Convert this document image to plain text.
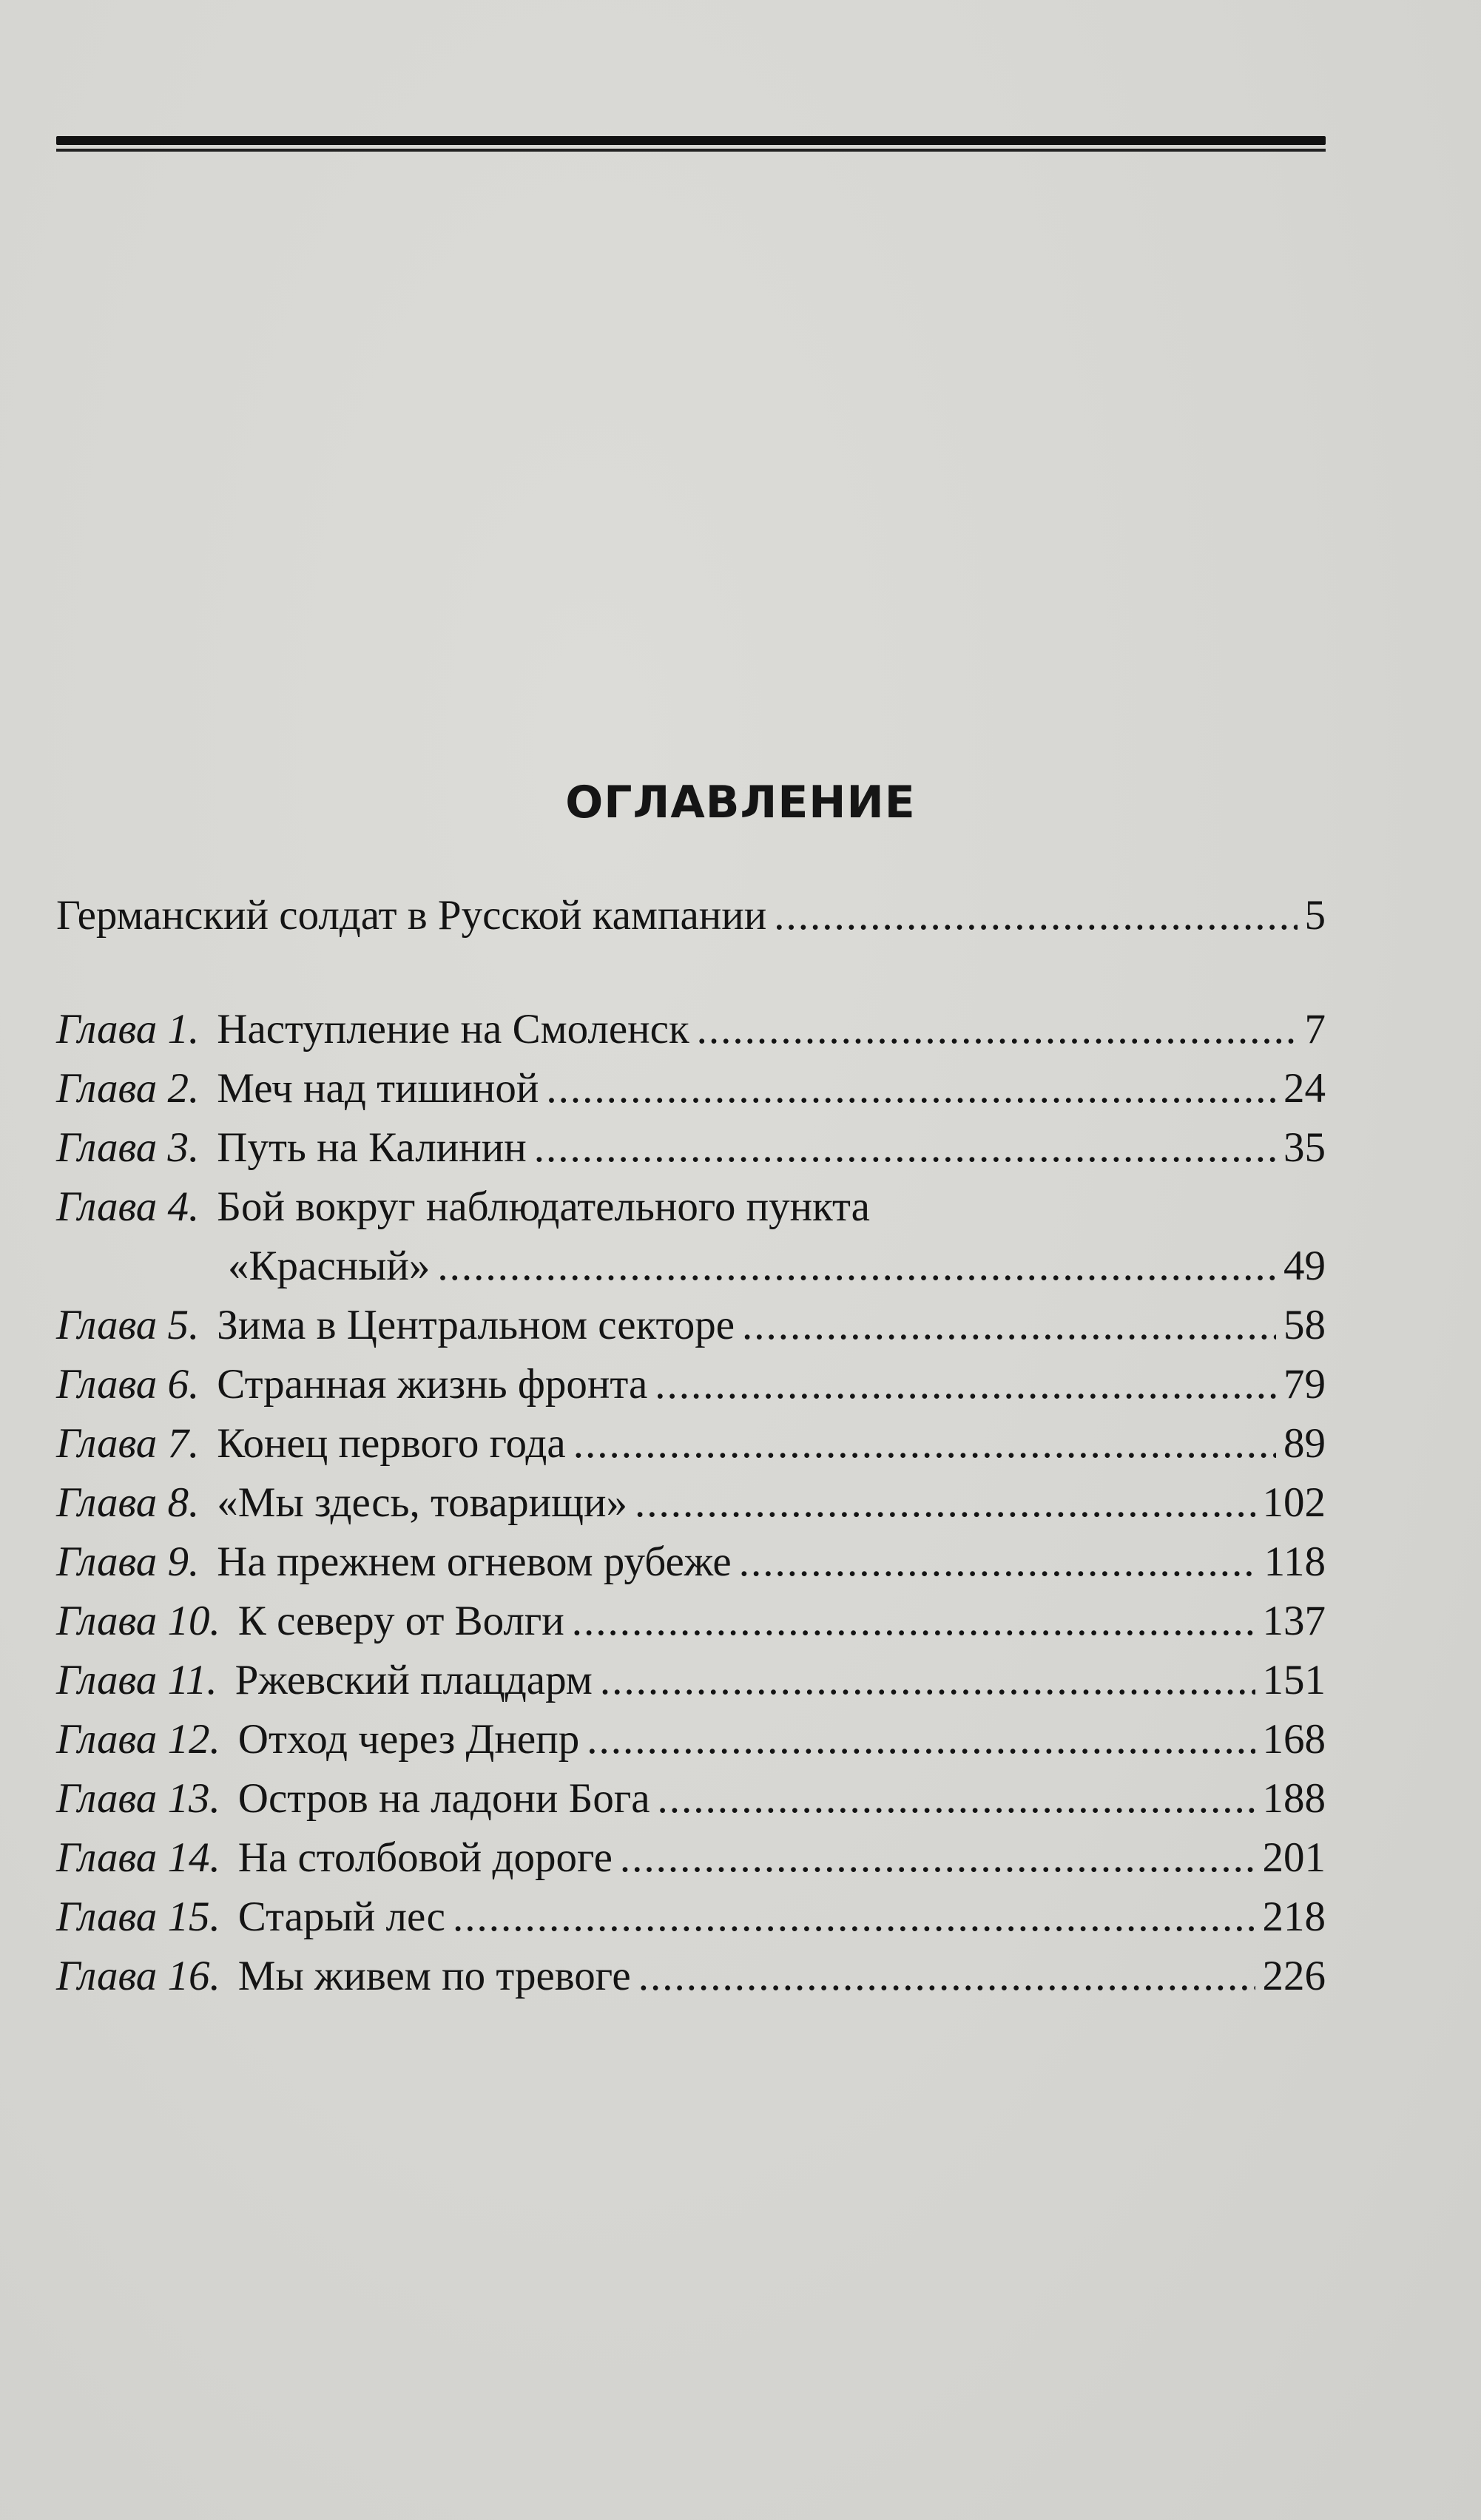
ОГЛАВЛЕНИЕ
Германский солдат в Русской кампании .....	5
Глава 1. Наступление на Смоленск .....	7
Глава 2. Меч над тишиной .....	24
Глава 3. Путь на Калинин .....	35
Глава 4. Бой вокруг наблюдательного пункта
«Красный» .....	49
Глава 5. Зима в Центральном секторе .....	58
Глава 6. Странная жизнь фронта .....	79
Глава 7. Конец первого года .....	89
Глава 8. «Мы здесь, товарищи» .....	102
Глава 9. На прежнем огневом рубеже .....	118
Глава 10. К северу от Волги .....	137
Глава 11. Ржевский плацдарм .....	151
Глава 12. Отход через Днепр .....	168
Глава 13. Остров на ладони Бога .....	188
Глава 14. На столбовой дороге .....	201
Глава 15. Старый лес .....	218
Глава 16. Мы живем по тревоге .....	226
